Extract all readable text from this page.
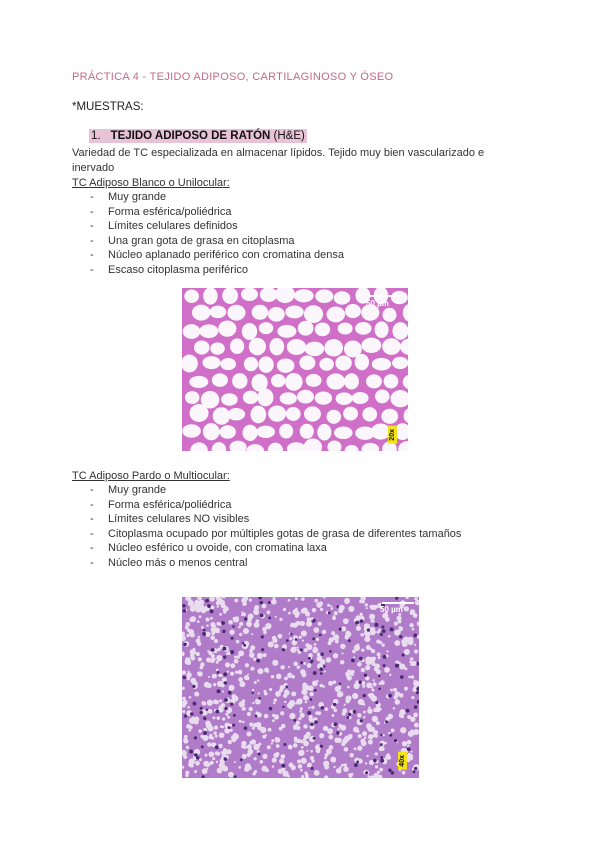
PRÁCTICA 4 - TEJIDO ADIPOSO, CARTILAGINOSO Y ÓSEO
*MUESTRAS:
1. TEJIDO ADIPOSO DE RATÓN (H&E)
Variedad de TC especializada en almacenar lípidos. Tejido muy bien vascularizado e inervado
TC Adiposo Blanco o Unilocular:
- Muy grande
- Forma esférica/poliédrica
- Límites celulares definidos
- Una gran gota de grasa en citoplasma
- Núcleo aplanado periférico con cromatina densa
- Escaso citoplasma periférico
50 µm
20x
TC Adiposo Pardo o Multiocular:
- Muy grande
- Forma esférica/poliédrica
- Límites celulares NO visibles
- Citoplasma ocupado por múltiples gotas de grasa de diferentes tamaños
- Núcleo esférico u ovoide, con cromatina laxa
- Núcleo más o menos central
50 µm
40x
